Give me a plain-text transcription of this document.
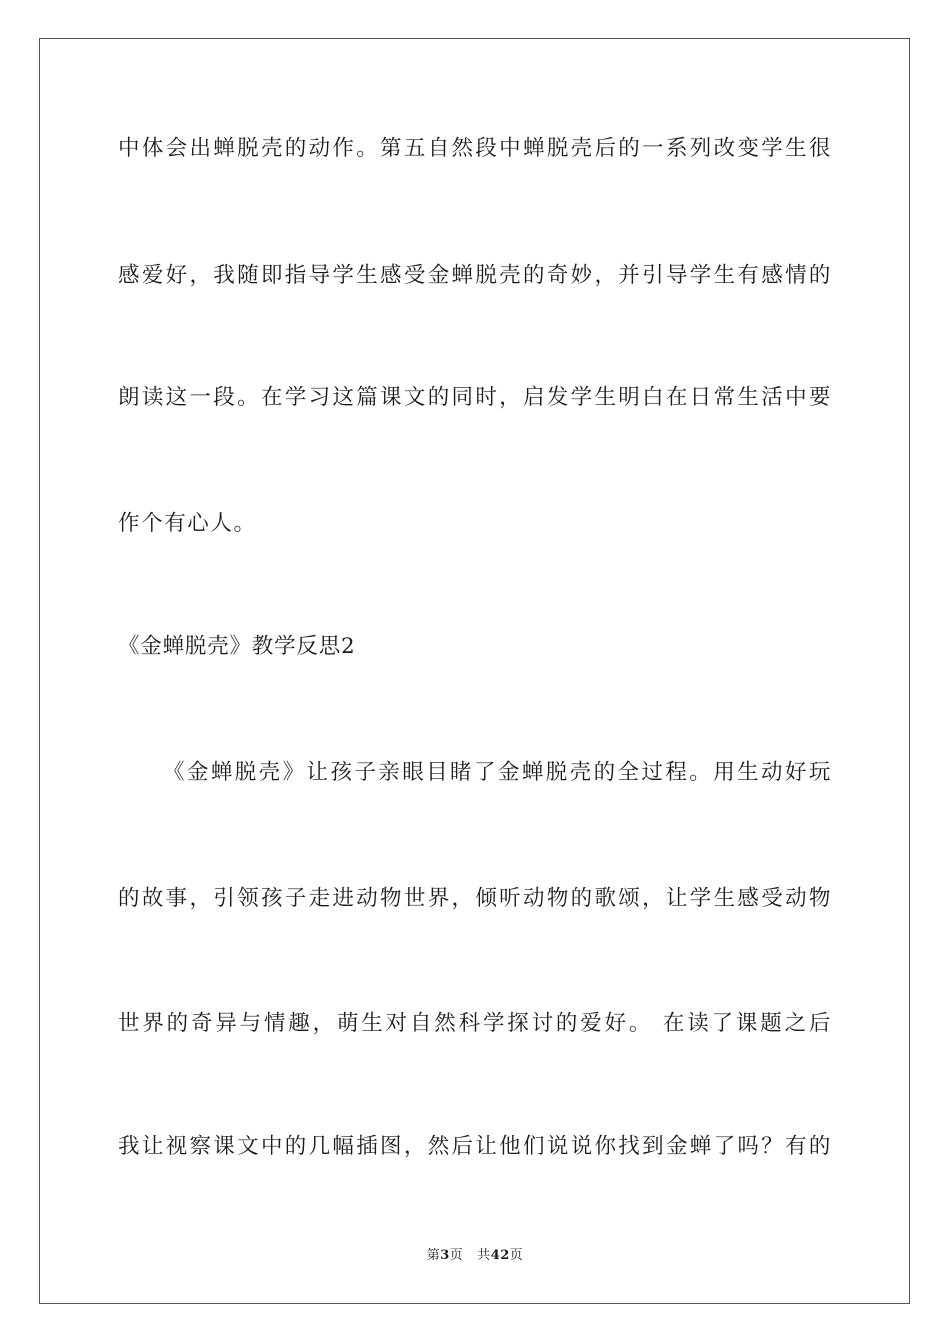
中体会出蝉脱壳的动作。第五自然段中蝉脱壳后的一系列改变学生很
感爱好，我随即指导学生感受金蝉脱壳的奇妙，并引导学生有感情的
朗读这一段。在学习这篇课文的同时，启发学生明白在日常生活中要
作个有心人。
《金蝉脱壳》教学反思2
《金蝉脱壳》让孩子亲眼目睹了金蝉脱壳的全过程。用生动好玩
的故事，引领孩子走进动物世界，倾听动物的歌颂，让学生感受动物
世界的奇异与情趣，萌生对自然科学探讨的爱好。 在读了课题之后
我让视察课文中的几幅插图，然后让他们说说你找到金蝉了吗？有的
第3页 共42页
